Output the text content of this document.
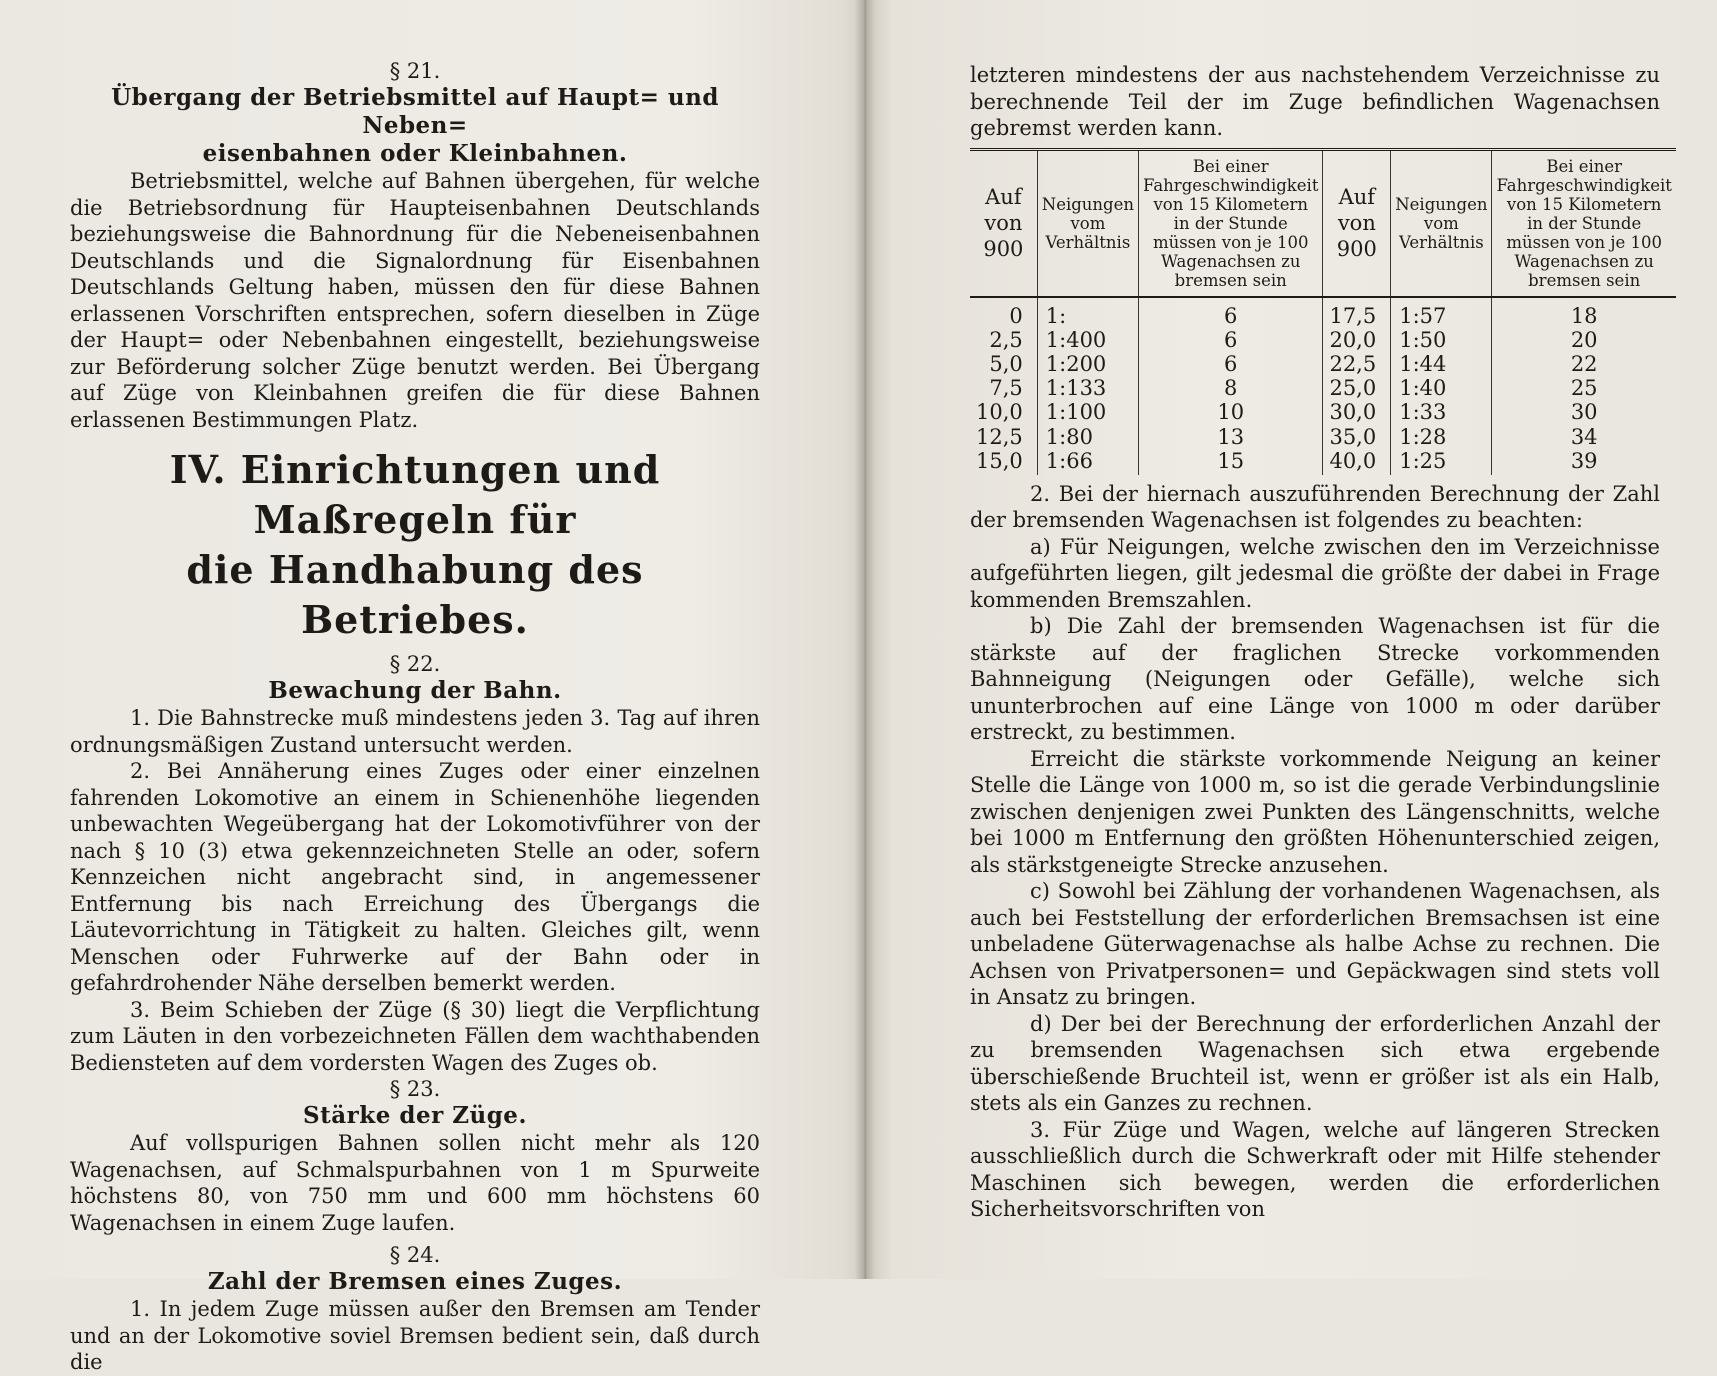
§ 21.

Übergang der Betriebsmittel auf Haupt= und Neben=

eisenbahnen oder Kleinbahnen.

Betriebsmittel, welche auf Bahnen übergehen, für welche die Betriebsordnung für Haupteisenbahnen Deutschlands beziehungsweise die Bahnordnung für die Nebeneisenbahnen Deutschlands und die Signalordnung für Eisenbahnen Deutschlands Geltung haben, müssen den für diese Bahnen erlassenen Vorschriften entsprechen, sofern dieselben in Züge der Haupt= oder Nebenbahnen eingestellt, beziehungsweise zur Beförderung solcher Züge benutzt werden. Bei Übergang auf Züge von Kleinbahnen greifen die für diese Bahnen erlassenen Bestimmungen Platz.

IV. Einrichtungen und Maßregeln für

die Handhabung des Betriebes.

§ 22.

Bewachung der Bahn.

1. Die Bahnstrecke muß mindestens jeden 3. Tag auf ihren ordnungsmäßigen Zustand untersucht werden.

2. Bei Annäherung eines Zuges oder einer einzelnen fahrenden Lokomotive an einem in Schienenhöhe liegenden unbewachten Wegeübergang hat der Lokomotivführer von der nach § 10 (3) etwa gekennzeichneten Stelle an oder, sofern Kennzeichen nicht angebracht sind, in angemessener Entfernung bis nach Erreichung des Übergangs die Läutevorrichtung in Tätigkeit zu halten. Gleiches gilt, wenn Menschen oder Fuhrwerke auf der Bahn oder in gefahrdrohender Nähe derselben bemerkt werden.

3. Beim Schieben der Züge (§ 30) liegt die Verpflichtung zum Läuten in den vorbezeichneten Fällen dem wachthabenden Bediensteten auf dem vordersten Wagen des Zuges ob.

§ 23.

Stärke der Züge.

Auf vollspurigen Bahnen sollen nicht mehr als 120 Wagenachsen, auf Schmalspurbahnen von 1 m Spurweite höchstens 80, von 750 mm und 600 mm höchstens 60 Wagenachsen in einem Zuge laufen.

§ 24.

Zahl der Bremsen eines Zuges.

1. In jedem Zuge müssen außer den Bremsen am Tender und an der Lokomotive soviel Bremsen bedient sein, daß durch die

letzteren mindestens der aus nachstehendem Verzeichnisse zu berechnende Teil der im Zuge befindlichen Wagenachsen gebremst werden kann.

Auf von 900	Neigungen vom Verhältnis	Bei einer Fahrgeschwindigkeit von 15 Kilometern in der Stunde müssen von je 100 Wagenachsen zu bremsen sein	Auf von 900	Neigungen vom Verhältnis	Bei einer Fahrgeschwindigkeit von 15 Kilometern in der Stunde müssen von je 100 Wagenachsen zu bremsen sein
0	1:	6	17,5	1:57	18
2,5	1:400	6	20,0	1:50	20
5,0	1:200	6	22,5	1:44	22
7,5	1:133	8	25,0	1:40	25
10,0	1:100	10	30,0	1:33	30
12,5	1:80	13	35,0	1:28	34
15,0	1:66	15	40,0	1:25	39

2. Bei der hiernach auszuführenden Berechnung der Zahl der bremsenden Wagenachsen ist folgendes zu beachten:

a) Für Neigungen, welche zwischen den im Verzeichnisse aufgeführten liegen, gilt jedesmal die größte der dabei in Frage kommenden Bremszahlen.

b) Die Zahl der bremsenden Wagenachsen ist für die stärkste auf der fraglichen Strecke vorkommenden Bahnneigung (Neigungen oder Gefälle), welche sich ununterbrochen auf eine Länge von 1000 m oder darüber erstreckt, zu bestimmen.

Erreicht die stärkste vorkommende Neigung an keiner Stelle die Länge von 1000 m, so ist die gerade Verbindungslinie zwischen denjenigen zwei Punkten des Längenschnitts, welche bei 1000 m Entfernung den größten Höhenunterschied zeigen, als stärkstgeneigte Strecke anzusehen.

c) Sowohl bei Zählung der vorhandenen Wagenachsen, als auch bei Feststellung der erforderlichen Bremsachsen ist eine unbeladene Güterwagenachse als halbe Achse zu rechnen. Die Achsen von Privatpersonen= und Gepäckwagen sind stets voll in Ansatz zu bringen.

d) Der bei der Berechnung der erforderlichen Anzahl der zu bremsenden Wagenachsen sich etwa ergebende überschießende Bruchteil ist, wenn er größer ist als ein Halb, stets als ein Ganzes zu rechnen.

3. Für Züge und Wagen, welche auf längeren Strecken ausschließlich durch die Schwerkraft oder mit Hilfe stehender Maschinen sich bewegen, werden die erforderlichen Sicherheitsvorschriften von
